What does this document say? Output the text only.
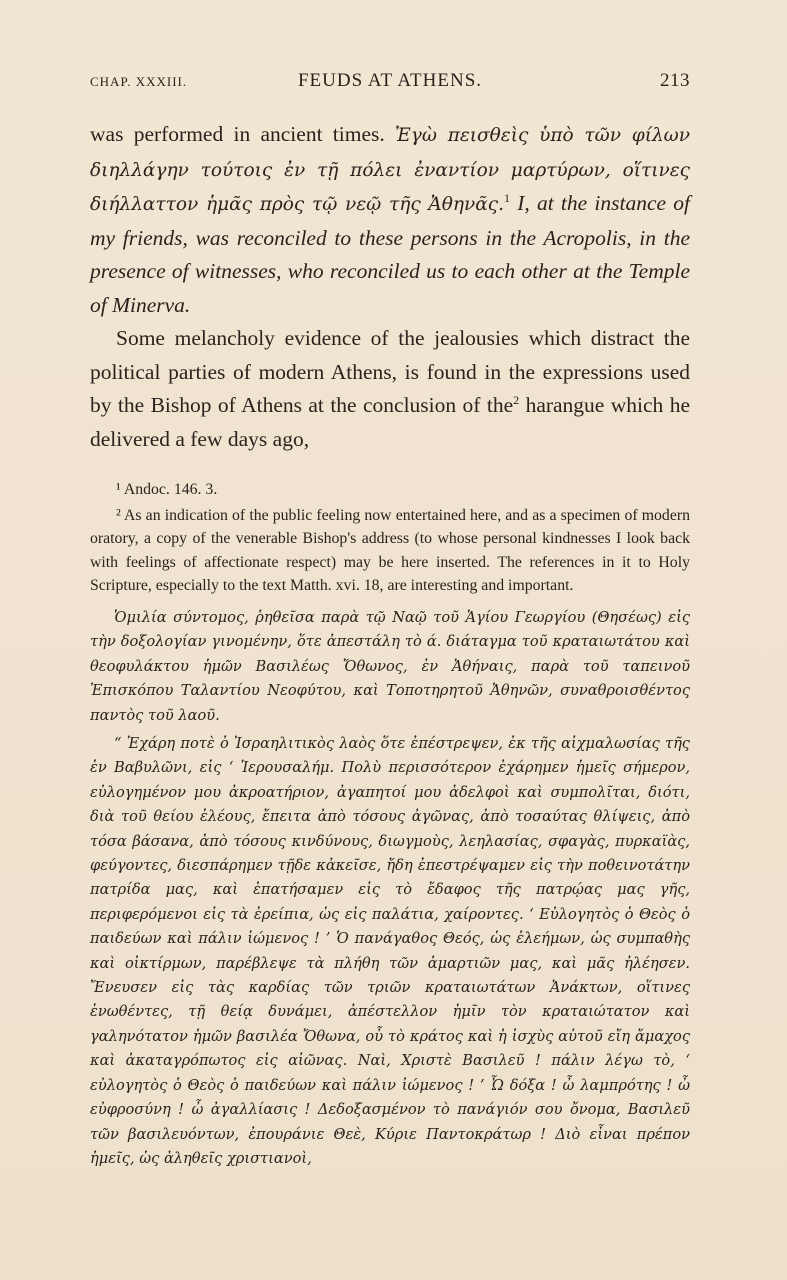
CHAP. XXXIII.	FEUDS AT ATHENS.	213

was performed in ancient times. Ἐγὼ πεισθεὶς ὑπὸ τῶν φίλων διηλλάγην τούτοις ἐν τῇ πόλει ἐναντίον μαρτύρων, οἵτινες διήλλαττον ἡμᾶς πρὸς τῷ νεῷ τῆς Ἀθηνᾶς.$^1$ I, at the instance of my friends, was reconciled to these persons in the Acropolis, in the presence of witnesses, who reconciled us to each other at the Temple of Minerva.

Some melancholy evidence of the jealousies which distract the political parties of modern Athens, is found in the expressions used by the Bishop of Athens at the conclusion of the$^2$ harangue which he delivered a few days ago,

¹ Andoc. 146. 3.

² As an indication of the public feeling now entertained here, and as a specimen of modern oratory, a copy of the venerable Bishop's address (to whose personal kindnesses I look back with feelings of affectionate respect) may be here inserted. The references in it to Holy Scripture, especially to the text Matth. xvi. 18, are interesting and important.

Ὁμιλία σύντομος, ῥηθεῖσα παρὰ τῷ Ναῷ τοῦ Ἁγίου Γεωργίου (Θησέως) εἰς τὴν δοξολογίαν γινομένην, ὅτε ἀπεστάλη τὸ ά. διάταγμα τοῦ κραταιωτάτου καὶ θεοφυλάκτου ἡμῶν Βασιλέως Ὄθωνος, ἐν Ἀθήναις, παρὰ τοῦ ταπεινοῦ Ἐπισκόπου Ταλαντίου Νεοφύτου, καὶ Τοποτηρητοῦ Ἀθηνῶν, συναθροισθέντος παντὸς τοῦ λαοῦ.

“ Ἐχάρη ποτὲ ὁ Ἰσραηλιτικὸς λαὸς ὅτε ἐπέστρεψεν, ἐκ τῆς αἰχμαλωσίας τῆς ἐν Βαβυλῶνι, εἰς ‘ Ἱερουσαλήμ. Πολὺ περισσότερον ἐχάρημεν ἡμεῖς σήμερον, εὐλογημένον μου ἀκροατήριον, ἀγαπητοί μου ἀδελφοὶ καὶ συμπολῖται, διότι, διὰ τοῦ θείου ἐλέους, ἔπειτα ἀπὸ τόσους ἀγῶνας, ἀπὸ τοσαύτας θλίψεις, ἀπὸ τόσα βάσανα, ἀπὸ τόσους κινδύνους, διωγμοὺς, λεηλασίας, σφαγὰς, πυρκαϊὰς, φεύγοντες, διεσπάρημεν τῇδε κἀκεῖσε, ἤδη ἐπεστρέψαμεν εἰς τὴν ποθεινοτάτην πατρίδα μας, καὶ ἐπατήσαμεν εἰς τὸ ἔδαφος τῆς πατρῴας μας γῆς, περιφερόμενοι εἰς τὰ ἐρείπια, ὡς εἰς παλάτια, χαίροντες. ‘ Εὐλογητὸς ὁ Θεὸς ὁ παιδεύων καὶ πάλιν ἰώμενος ! ’ Ὁ πανάγαθος Θεός, ὡς ἐλεήμων, ὡς συμπαθὴς καὶ οἰκτίρμων, παρέβλεψε τὰ πλήθη τῶν ἁμαρτιῶν μας, καὶ μᾶς ἠλέησεν. Ἔνευσεν εἰς τὰς καρδίας τῶν τριῶν κραταιωτάτων Ἀνάκτων, οἵτινες ἑνωθέντες, τῇ θείᾳ δυνάμει, ἀπέστελλον ἡμῖν τὸν κραταιώτατον καὶ γαληνότατον ἡμῶν βασιλέα Ὄθωνα, οὗ τὸ κράτος καὶ ἡ ἰσχὺς αὐτοῦ εἴη ἄμαχος καὶ ἀκαταγρόπωτος εἰς αἰῶνας. Ναὶ, Χριστὲ Βασιλεῦ ! πάλιν λέγω τὸ, ‘ εὐλογητὸς ὁ Θεὸς ὁ παιδεύων καὶ πάλιν ἰώμενος ! ’ Ὦ δόξα ! ὦ λαμπρότης ! ὦ εὐφροσύνη ! ὦ ἀγαλλίασις ! Δεδοξασμένον τὸ πανάγιόν σου ὄνομα, Βασιλεῦ τῶν βασιλευόντων, ἐπουράνιε Θεὲ, Κύριε Παντοκράτωρ ! Διὸ εἶναι πρέπον ἡμεῖς, ὡς ἀληθεῖς χριστιανοὶ,
